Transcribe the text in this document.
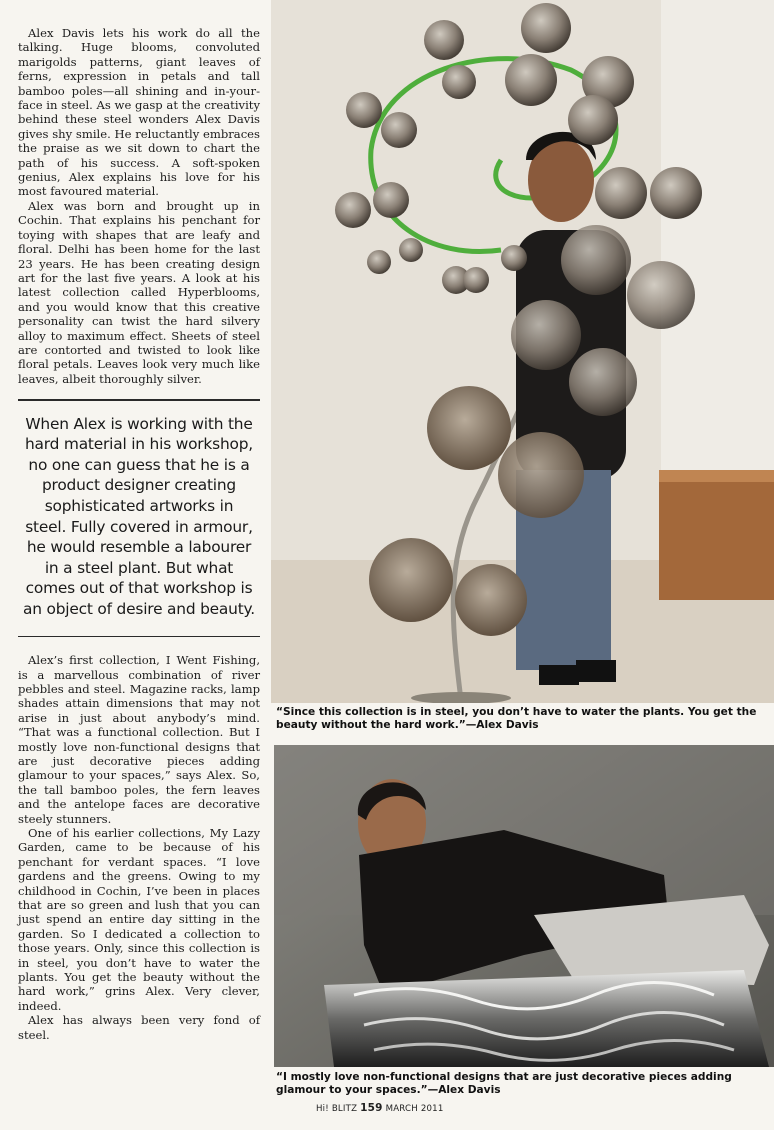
Alex Davis lets his work do all the talking. Huge blooms, convoluted marigolds patterns, giant leaves of ferns, expression in petals and tall bamboo poles—all shining and in-your-face in steel. As we gasp at the creativity behind these steel wonders Alex Davis gives shy smile. He reluctantly embraces the praise as we sit down to chart the path of his success. A soft-spoken genius, Alex explains his love for his most favoured material.

Alex was born and brought up in Cochin. That explains his penchant for toying with shapes that are leafy and floral. Delhi has been home for the last 23 years. He has been creating design art for the last five years. A look at his latest collection called Hyperblooms, and you would know that this creative personality can twist the hard silvery alloy to maximum effect. Sheets of steel are contorted and twisted to look like floral petals. Leaves look very much like leaves, albeit thoroughly silver.

When Alex is working with the hard material in his workshop, no one can guess that he is a product designer creating sophisticated artworks in steel. Fully covered in armour, he would resemble a labourer in a steel plant. But what comes out of that workshop is an object of desire and beauty.

Alex’s first collection, I Went Fishing, is a marvellous combination of river pebbles and steel. Magazine racks, lamp shades attain dimensions that may not arise in just about anybody’s mind. “That was a functional collection. But I mostly love non-functional designs that are just decorative pieces adding glamour to your spaces,” says Alex. So, the tall bamboo poles, the fern leaves and the antelope faces are decorative steely stunners.

One of his earlier collections, My Lazy Garden, came to be because of his penchant for verdant spaces. “I love gardens and the greens. Owing to my childhood in Cochin, I’ve been in places that are so green and lush that you can just spend an entire day sitting in the garden. So I dedicated a collection to those years. Only, since this collection is in steel, you don’t have to water the plants. You get the beauty without the hard work,” grins Alex. Very clever, indeed.

Alex has always been very fond of steel.

“Since this collection is in steel, you don’t have to water the plants. You get the beauty without the hard work.”—Alex Davis
“I mostly love non-functional designs that are just decorative pieces adding glamour to your spaces.”—Alex Davis
Hi! BLITZ 159 MARCH 2011
